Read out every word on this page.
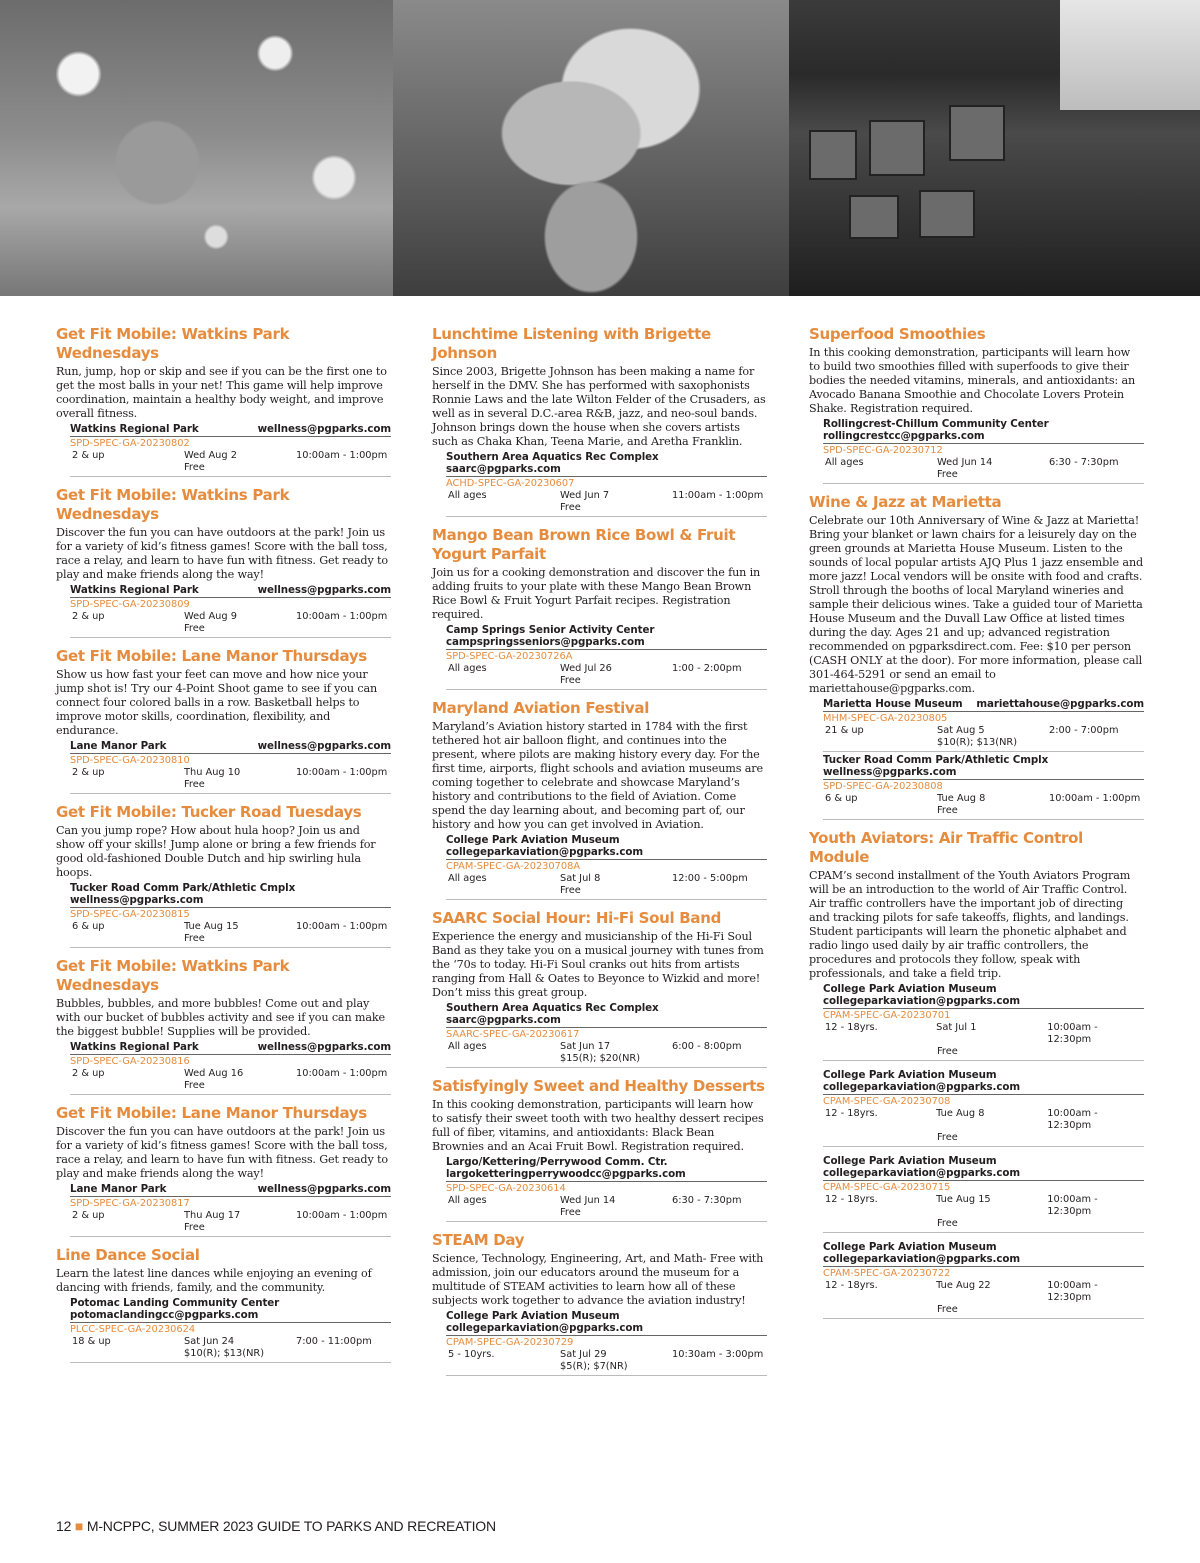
Get Fit Mobile: Watkins Park Wednesdays

Run, jump, hop or skip and see if you can be the first one to get the most balls in your net! This game will help improve coordination, maintain a healthy body weight, and improve overall fitness.

Watkins Regional Park	wellness@pgparks.com
SPD-SPEC-GA-20230802
2 & up	Wed Aug 2	10:00am - 1:00pm
Free
Get Fit Mobile: Watkins Park Wednesdays

Discover the fun you can have outdoors at the park! Join us for a variety of kid’s fitness games! Score with the ball toss, race a relay, and learn to have fun with fitness. Get ready to play and make friends along the way!

Watkins Regional Park	wellness@pgparks.com
SPD-SPEC-GA-20230809
2 & up	Wed Aug 9	10:00am - 1:00pm
Free
Get Fit Mobile: Lane Manor Thursdays

Show us how fast your feet can move and how nice your jump shot is! Try our 4-Point Shoot game to see if you can connect four colored balls in a row. Basketball helps to improve motor skills, coordination, flexibility, and endurance.

Lane Manor Park	wellness@pgparks.com
SPD-SPEC-GA-20230810
2 & up	Thu Aug 10	10:00am - 1:00pm
Free
Get Fit Mobile: Tucker Road Tuesdays

Can you jump rope? How about hula hoop? Join us and show off your skills! Jump alone or bring a few friends for good old-fashioned Double Dutch and hip swirling hula hoops.

Tucker Road Comm Park/Athletic Cmplx
wellness@pgparks.com
SPD-SPEC-GA-20230815
6 & up	Tue Aug 15	10:00am - 1:00pm
Free
Get Fit Mobile: Watkins Park Wednesdays

Bubbles, bubbles, and more bubbles! Come out and play with our bucket of bubbles activity and see if you can make the biggest bubble! Supplies will be provided.

Watkins Regional Park	wellness@pgparks.com
SPD-SPEC-GA-20230816
2 & up	Wed Aug 16	10:00am - 1:00pm
Free
Get Fit Mobile: Lane Manor Thursdays

Discover the fun you can have outdoors at the park! Join us for a variety of kid’s fitness games! Score with the ball toss, race a relay, and learn to have fun with fitness. Get ready to play and make friends along the way!

Lane Manor Park	wellness@pgparks.com
SPD-SPEC-GA-20230817
2 & up	Thu Aug 17	10:00am - 1:00pm
Free
Line Dance Social

Learn the latest line dances while enjoying an evening of dancing with friends, family, and the community.

Potomac Landing Community Center
potomaclandingcc@pgparks.com
PLCC-SPEC-GA-20230624
18 & up	Sat Jun 24	7:00 - 11:00pm
$10(R); $13(NR)
Lunchtime Listening with Brigette Johnson

Since 2003, Brigette Johnson has been making a name for herself in the DMV. She has performed with saxophonists Ronnie Laws and the late Wilton Felder of the Crusaders, as well as in several D.C.-area R&B, jazz, and neo-soul bands. Johnson brings down the house when she covers artists such as Chaka Khan, Teena Marie, and Aretha Franklin.

Southern Area Aquatics Rec Complex
saarc@pgparks.com
ACHD-SPEC-GA-20230607
All ages	Wed Jun 7	11:00am - 1:00pm
Free
Mango Bean Brown Rice Bowl & Fruit Yogurt Parfait

Join us for a cooking demonstration and discover the fun in adding fruits to your plate with these Mango Bean Brown Rice Bowl & Fruit Yogurt Parfait recipes. Registration required.

Camp Springs Senior Activity Center
campspringsseniors@pgparks.com
SPD-SPEC-GA-20230726A
All ages	Wed Jul 26	1:00 - 2:00pm
Free
Maryland Aviation Festival

Maryland’s Aviation history started in 1784 with the first tethered hot air balloon flight, and continues into the present, where pilots are making history every day. For the first time, airports, flight schools and aviation museums are coming together to celebrate and showcase Maryland’s history and contributions to the field of Aviation. Come spend the day learning about, and becoming part of, our history and how you can get involved in Aviation.

College Park Aviation Museum
collegeparkaviation@pgparks.com
CPAM-SPEC-GA-20230708A
All ages	Sat Jul 8	12:00 - 5:00pm
Free
SAARC Social Hour: Hi-Fi Soul Band

Experience the energy and musicianship of the Hi-Fi Soul Band as they take you on a musical journey with tunes from the ‘70s to today. Hi-Fi Soul cranks out hits from artists ranging from Hall & Oates to Beyonce to Wizkid and more! Don’t miss this great group.

Southern Area Aquatics Rec Complex
saarc@pgparks.com
SAARC-SPEC-GA-20230617
All ages	Sat Jun 17	6:00 - 8:00pm
$15(R); $20(NR)
Satisfyingly Sweet and Healthy Desserts

In this cooking demonstration, participants will learn how to satisfy their sweet tooth with two healthy dessert recipes full of fiber, vitamins, and antioxidants: Black Bean Brownies and an Acai Fruit Bowl. Registration required.

Largo/Kettering/Perrywood Comm. Ctr.
largoketteringperrywoodcc@pgparks.com
SPD-SPEC-GA-20230614
All ages	Wed Jun 14	6:30 - 7:30pm
Free
STEAM Day

Science, Technology, Engineering, Art, and Math- Free with admission, join our educators around the museum for a multitude of STEAM activities to learn how all of these subjects work together to advance the aviation industry!

College Park Aviation Museum
collegeparkaviation@pgparks.com
CPAM-SPEC-GA-20230729
5 - 10yrs.	Sat Jul 29	10:30am - 3:00pm
$5(R); $7(NR)
Superfood Smoothies

In this cooking demonstration, participants will learn how to build two smoothies filled with superfoods to give their bodies the needed vitamins, minerals, and antioxidants: an Avocado Banana Smoothie and Chocolate Lovers Protein Shake. Registration required.

Rollingcrest-Chillum Community Center
rollingcrestcc@pgparks.com
SPD-SPEC-GA-20230712
All ages	Wed Jun 14	6:30 - 7:30pm
Free
Wine & Jazz at Marietta

Celebrate our 10th Anniversary of Wine & Jazz at Marietta! Bring your blanket or lawn chairs for a leisurely day on the green grounds at Marietta House Museum. Listen to the sounds of local popular artists AJQ Plus 1 jazz ensemble and more jazz! Local vendors will be onsite with food and crafts. Stroll through the booths of local Maryland wineries and sample their delicious wines. Take a guided tour of Marietta House Museum and the Duvall Law Office at listed times during the day. Ages 21 and up; advanced registration recommended on pgparksdirect.com. Fee: $10 per person (CASH ONLY at the door). For more information, please call 301-464-5291 or send an email to mariettahouse@pgparks.com.

Marietta House Museum mariettahouse@pgparks.com
MHM-SPEC-GA-20230805
21 & up	Sat Aug 5	2:00 - 7:00pm
$10(R); $13(NR)
Tucker Road Comm Park/Athletic Cmplx
wellness@pgparks.com
SPD-SPEC-GA-20230808
6 & up	Tue Aug 8	10:00am - 1:00pm
Free
Youth Aviators: Air Traffic Control Module

CPAM’s second installment of the Youth Aviators Program will be an introduction to the world of Air Traffic Control. Air traffic controllers have the important job of directing and tracking pilots for safe takeoffs, flights, and landings. Student participants will learn the phonetic alphabet and radio lingo used daily by air traffic controllers, the procedures and protocols they follow, speak with professionals, and take a field trip.

College Park Aviation Museum
collegeparkaviation@pgparks.com
CPAM-SPEC-GA-20230701
12 - 18yrs.	Sat Jul 1	10:00am - 12:30pm
Free
College Park Aviation Museum
collegeparkaviation@pgparks.com
CPAM-SPEC-GA-20230708
12 - 18yrs.	Tue Aug 8	10:00am - 12:30pm
Free
College Park Aviation Museum
collegeparkaviation@pgparks.com
CPAM-SPEC-GA-20230715
12 - 18yrs.	Tue Aug 15	10:00am - 12:30pm
Free
College Park Aviation Museum
collegeparkaviation@pgparks.com
CPAM-SPEC-GA-20230722
12 - 18yrs.	Tue Aug 22	10:00am - 12:30pm
Free
12 ■ M-NCPPC, SUMMER 2023 GUIDE TO PARKS AND RECREATION
